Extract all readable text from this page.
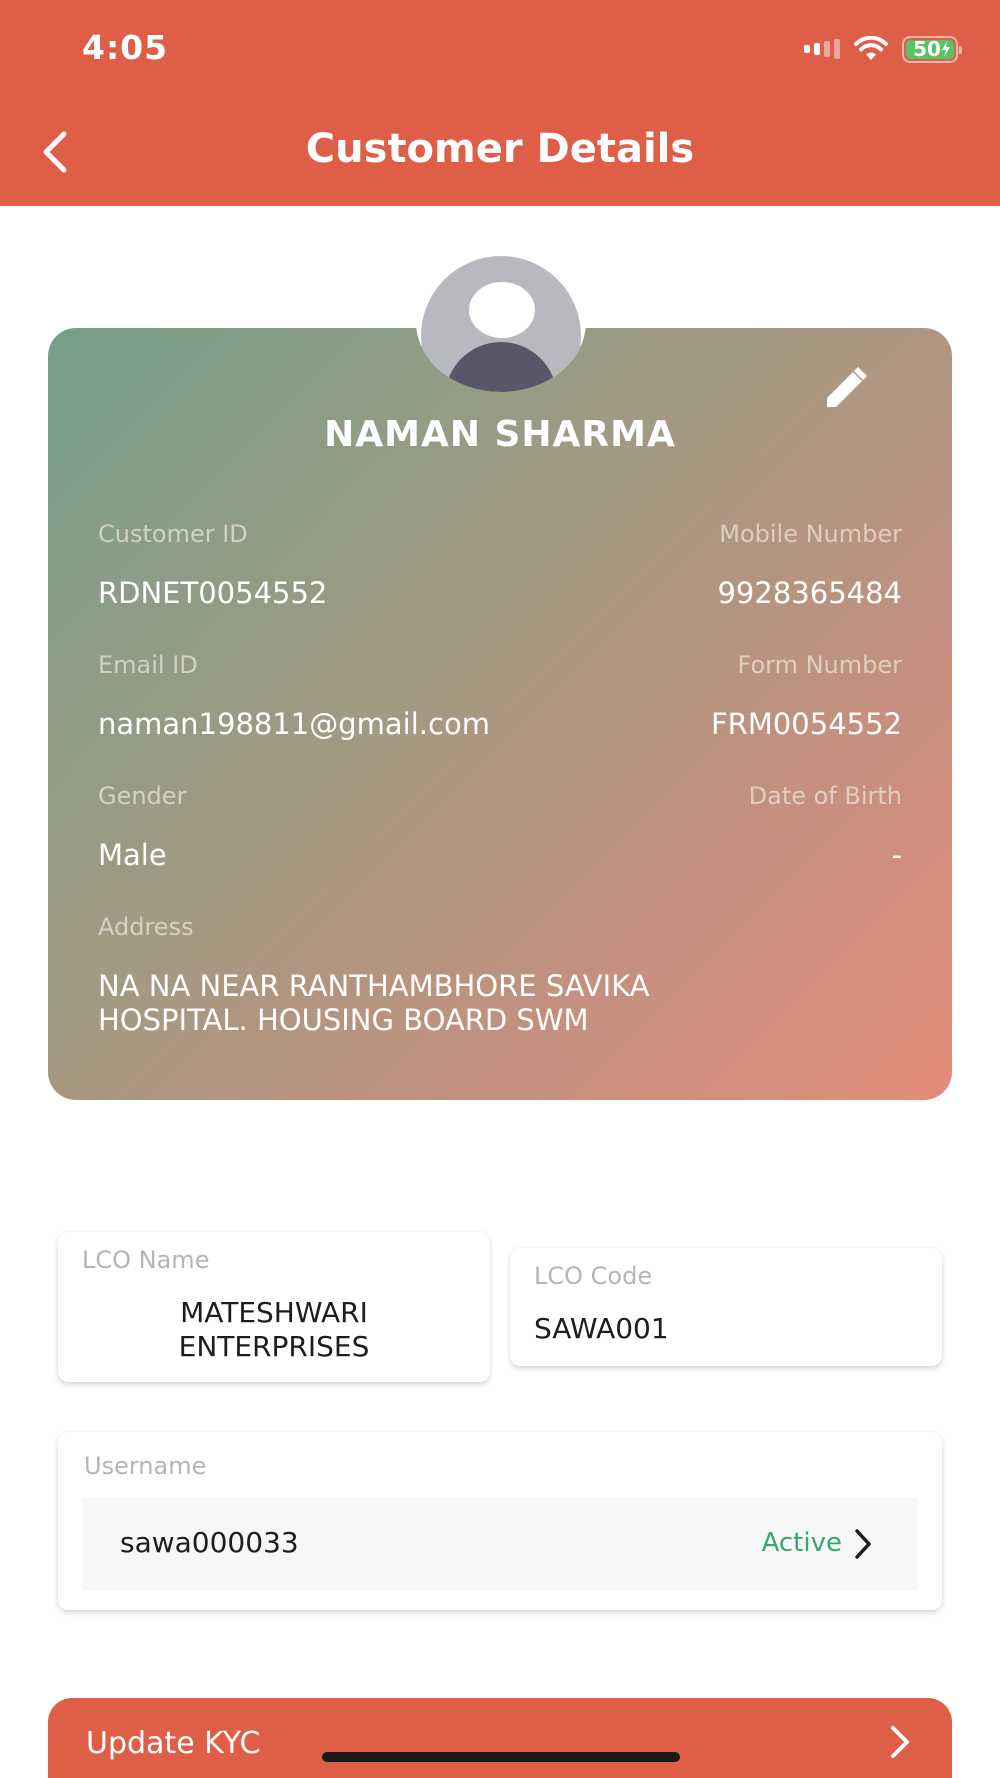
4:05	50
Customer Details
NAMAN SHARMA
Customer ID	Mobile Number
RDNET0054552	9928365484
Email ID	Form Number
naman198811@gmail.com	FRM0054552
Gender	Date of Birth
Male	-
Address
NA NA NEAR RANTHAMBHORE SAVIKA
HOSPITAL. HOUSING BOARD SWM
LCO Name
MATESHWARI
ENTERPRISES
LCO Code
SAWA001
Username
sawa000033	Active
Update KYC
